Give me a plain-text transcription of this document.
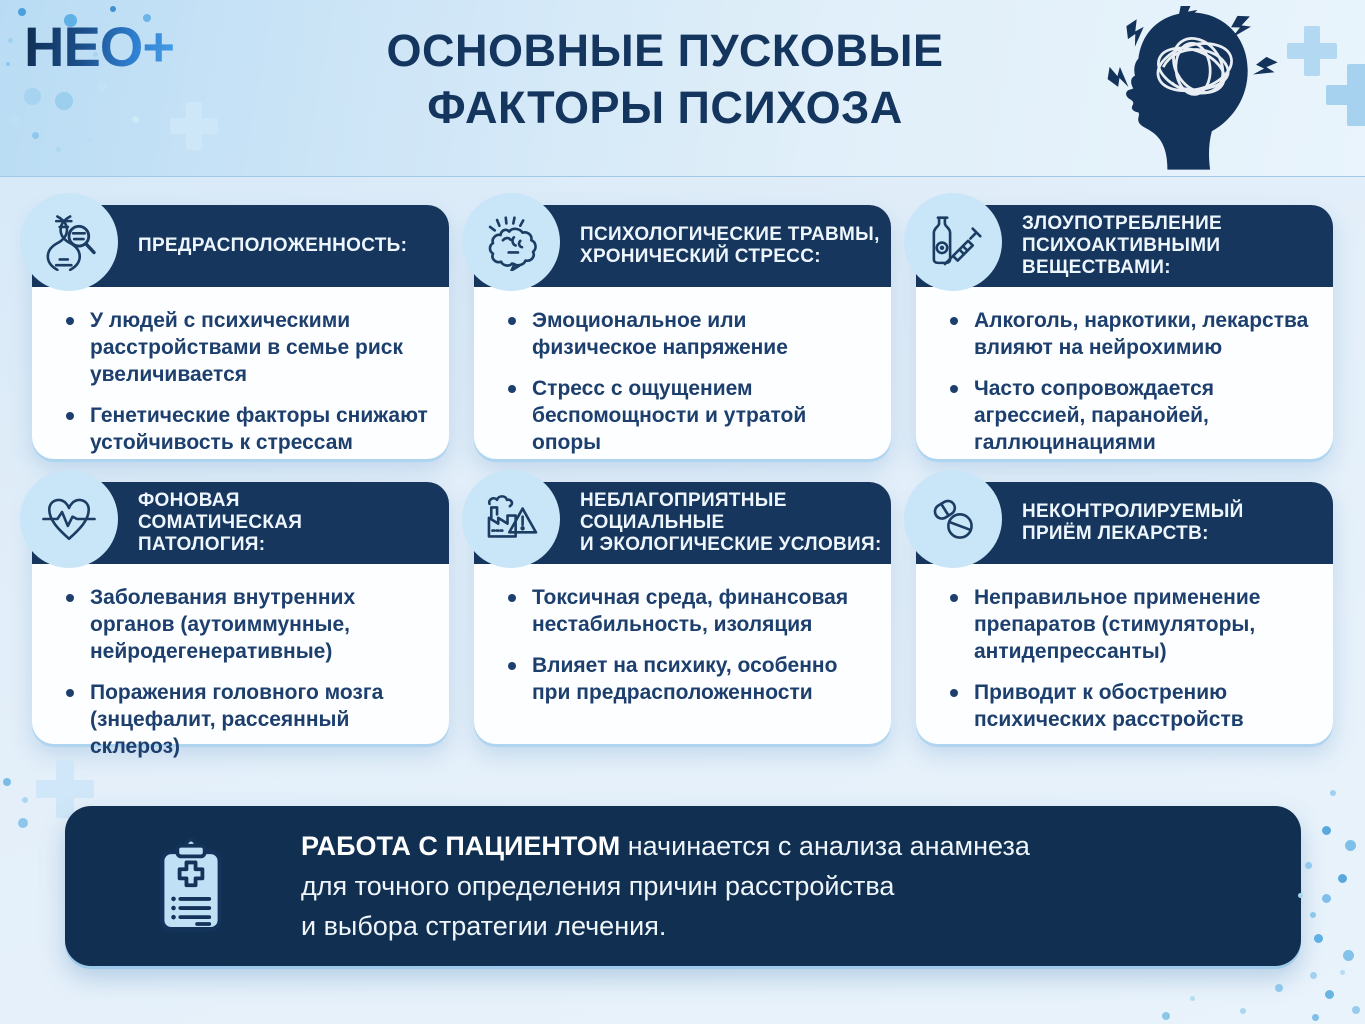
НЕО+	ОСНОВНЫЕ ПУСКОВЫЕ
ФАКТОРЫ ПСИХОЗА
ПРЕДРАСПОЛОЖЕННОСТЬ:
У людей с психическими расстройствами в семье риск увеличивается
Генетические факторы снижают устойчивость к стрессам
ПСИХОЛОГИЧЕСКИЕ ТРАВМЫ,
ХРОНИЧЕСКИЙ СТРЕСС:
Эмоциональное или физическое напряжение
Стресс с ощущением беспомощности и утратой опоры
ЗЛОУПОТРЕБЛЕНИЕ
ПСИХОАКТИВНЫМИ
ВЕЩЕСТВАМИ:
Алкоголь, наркотики, лекарства влияют на нейрохимию
Часто сопровождается агрессией, паранойей, галлюцинациями
ФОНОВАЯ
СОМАТИЧЕСКАЯ
ПАТОЛОГИЯ:
Заболевания внутренних органов (аутоиммунные, нейродегенеративные)
Поражения головного мозга (знцефалит, рассеянный склероз)
НЕБЛАГОПРИЯТНЫЕ
СОЦИАЛЬНЫЕ
И ЭКОЛОГИЧЕСКИЕ УСЛОВИЯ:
Токсичная среда, финансовая нестабильность, изоляция
Влияет на психику, особенно при предрасположенности
НЕКОНТРОЛИРУЕМЫЙ
ПРИЁМ ЛЕКАРСТВ:
Неправильное применение препаратов (стимуляторы, антидепрессанты)
Приводит к обострению психических расстройств

РАБОТА С ПАЦИЕНТОМ начинается с анализа анамнеза

для точного определения причин расстройства

и выбора стратегии лечения.
